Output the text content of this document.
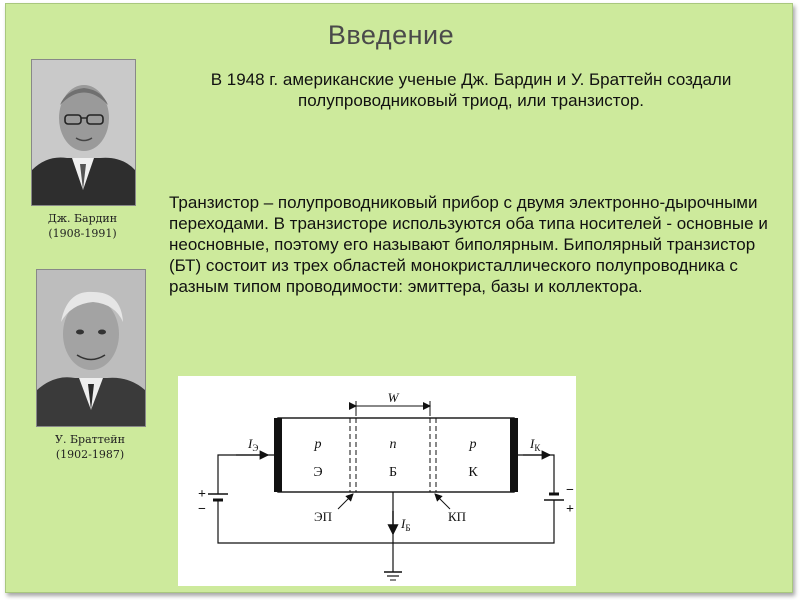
Введение
В 1948 г. американские ученые Дж. Бардин и У. Браттейн создали полупроводниковый триод, или транзистор.
Транзистор – полупроводниковый прибор с двумя электронно-дырочными переходами. В транзисторе используются оба типа носителей - основные и неосновные, поэтому его называют биполярным. Биполярный транзистор (БТ) состоит из трех областей монокристаллического полупроводника с разным типом проводимости: эмиттера, базы и коллектора.
Дж. Бардин
(1908-1991)
У. Браттейн
(1902-1987)
W
p
Э
n
Б
p
К
+
−
−
+
$I_Э$	$I_К$
$I_Б$
ЭП	КП
